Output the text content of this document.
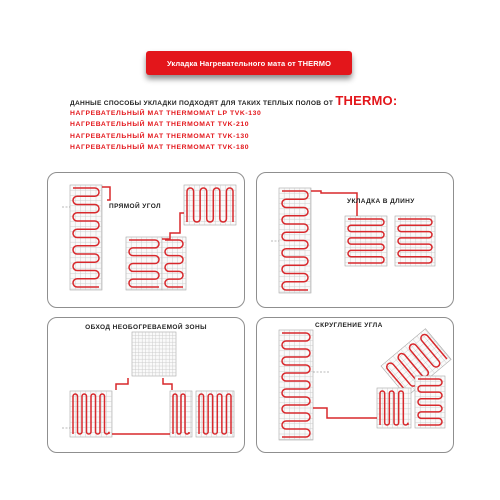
Укладка Нагревательного мата от THERMO
ДАННЫЕ СПОСОБЫ УКЛАДКИ ПОДХОДЯТ ДЛЯ ТАКИХ ТЕПЛЫХ ПОЛОВ ОТ THERMO:
НАГРЕВАТЕЛЬНЫЙ МАТ THERMOMAT LP TVK-130
НАГРЕВАТЕЛЬНЫЙ МАТ THERMOMAT TVK-210
НАГРЕВАТЕЛЬНЫЙ МАТ THERMOMAT TVK-130
НАГРЕВАТЕЛЬНЫЙ МАТ THERMOMAT TVK-180
ПРЯМОЙ УГОЛ
УКЛАДКА В ДЛИНУ
ОБХОД НЕОБОГРЕВАЕМОЙ ЗОНЫ	СКРУГЛЕНИЕ УГЛА
